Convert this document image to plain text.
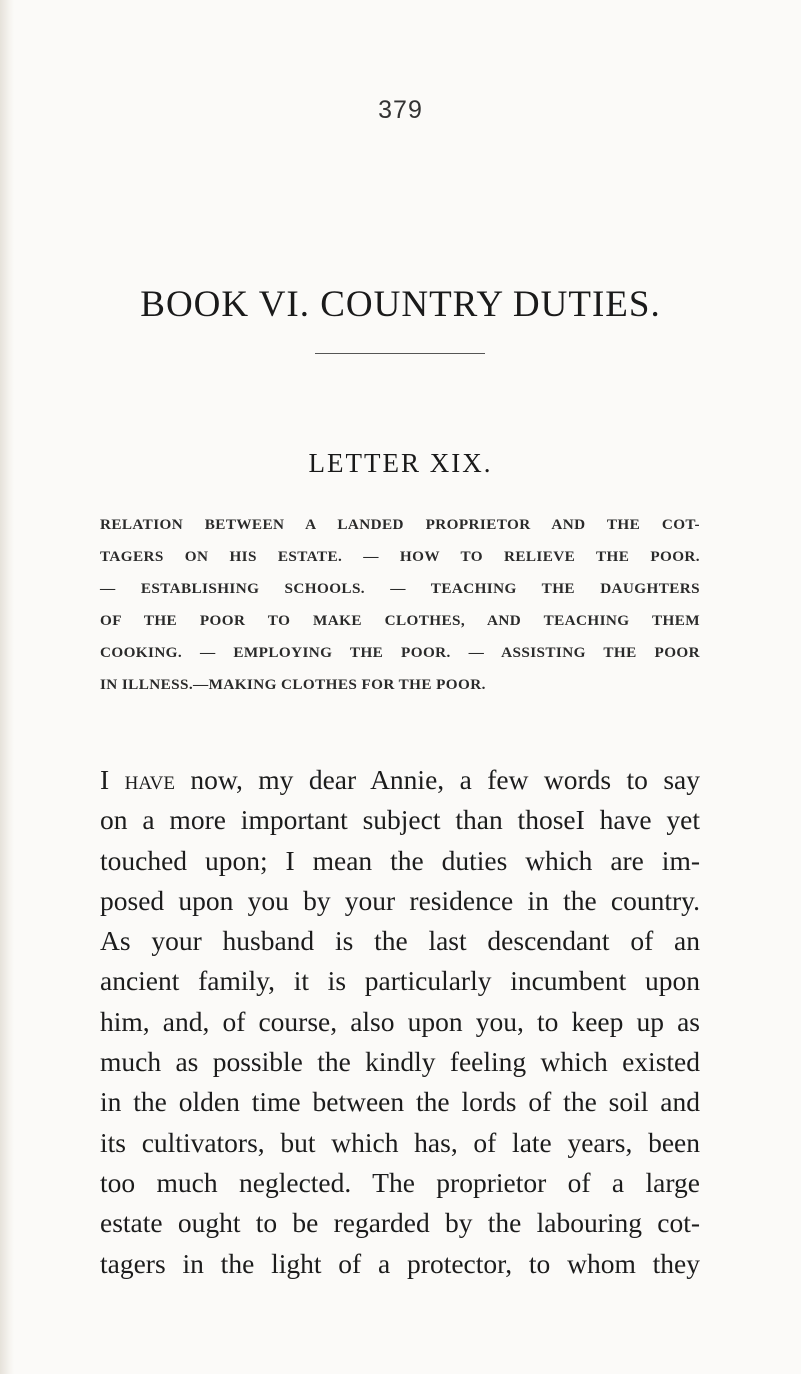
379
BOOK VI. COUNTRY DUTIES.
LETTER XIX.
RELATION BETWEEN A LANDED PROPRIETOR AND THE COT-
TAGERS ON HIS ESTATE. — HOW TO RELIEVE THE POOR.
— ESTABLISHING SCHOOLS. — TEACHING THE DAUGHTERS
OF THE POOR TO MAKE CLOTHES, AND TEACHING THEM
COOKING. — EMPLOYING THE POOR. — ASSISTING THE POOR
IN ILLNESS.—MAKING CLOTHES FOR THE POOR.
I have now, my dear Annie, a few words to say
on a more important subject than thoseI have yet
touched upon; I mean the duties which are im-
posed upon you by your residence in the country.
As your husband is the last descendant of an
ancient family, it is particularly incumbent upon
him, and, of course, also upon you, to keep up as
much as possible the kindly feeling which existed
in the olden time between the lords of the soil and
its cultivators, but which has, of late years, been
too much neglected. The proprietor of a large
estate ought to be regarded by the labouring cot-
tagers in the light of a protector, to whom they
